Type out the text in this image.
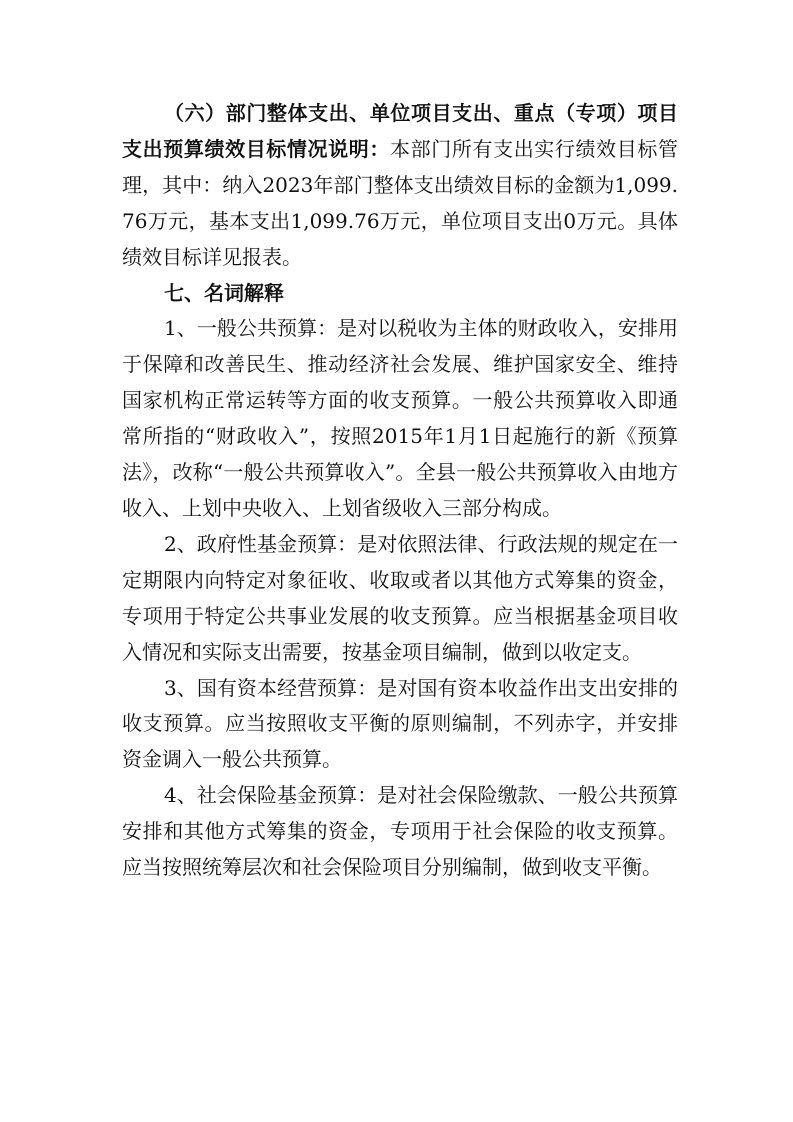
（六）部门整体支出、单位项目支出、重点（专项）项目支出预算绩效目标情况说明：本部门所有支出实行绩效目标管理，其中：纳入2023年部门整体支出绩效目标的金额为1,099.76万元，基本支出1,099.76万元，单位项目支出0万元。具体绩效目标详见报表。

七、名词解释

1、一般公共预算：是对以税收为主体的财政收入，安排用于保障和改善民生、推动经济社会发展、维护国家安全、维持国家机构正常运转等方面的收支预算。一般公共预算收入即通常所指的“财政收入”，按照2015年1月1日起施行的新《预算法》，改称“一般公共预算收入”。全县一般公共预算收入由地方收入、上划中央收入、上划省级收入三部分构成。

2、政府性基金预算：是对依照法律、行政法规的规定在一定期限内向特定对象征收、收取或者以其他方式筹集的资金，专项用于特定公共事业发展的收支预算。应当根据基金项目收入情况和实际支出需要，按基金项目编制，做到以收定支。

3、国有资本经营预算：是对国有资本收益作出支出安排的收支预算。应当按照收支平衡的原则编制，不列赤字，并安排资金调入一般公共预算。

4、社会保险基金预算：是对社会保险缴款、一般公共预算安排和其他方式筹集的资金，专项用于社会保险的收支预算。应当按照统筹层次和社会保险项目分别编制，做到收支平衡。
